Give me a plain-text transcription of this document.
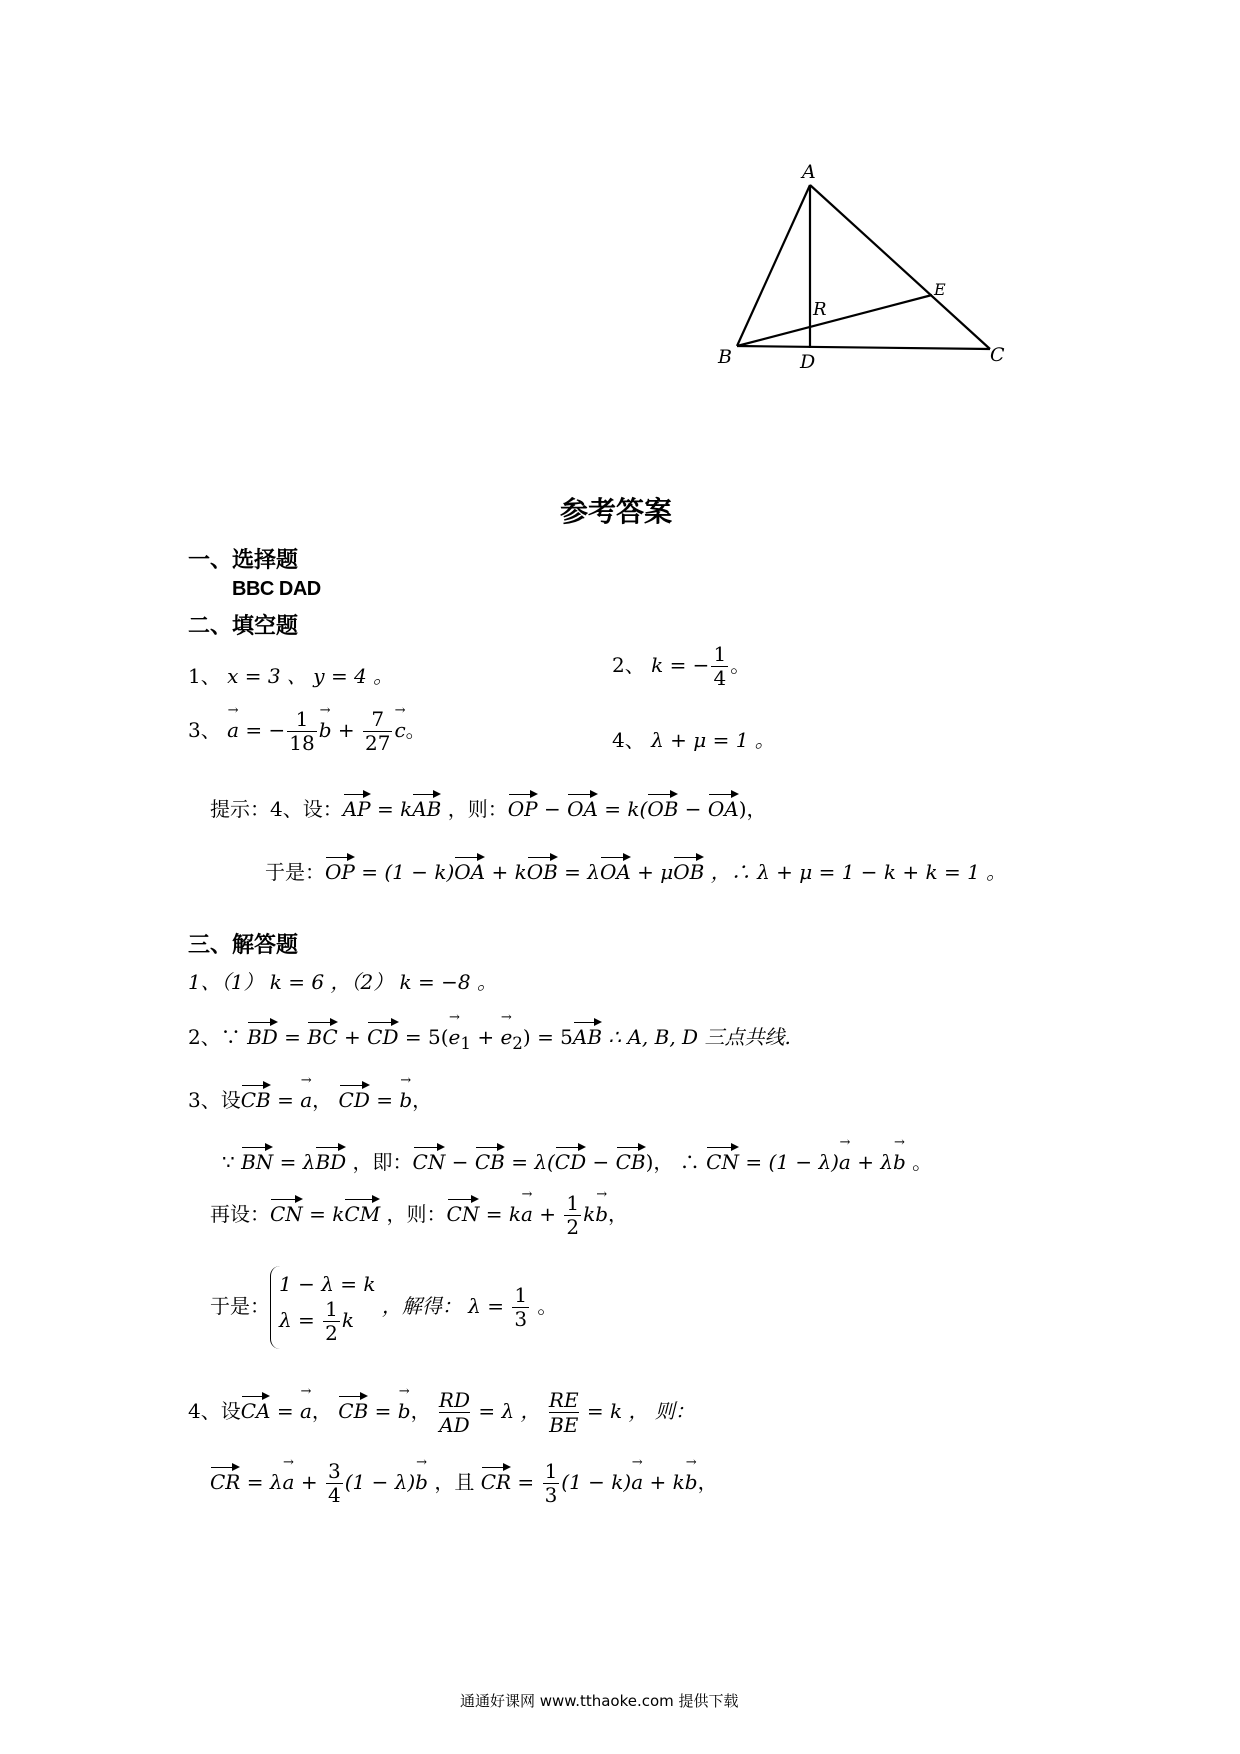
A
B	C
D
E
R
参考答案
一、选择题
BBC DAD
二、填空题
1、 x = 3 、 y = 4 。	2、 k = − $\frac{1}{4}$ 。
3、 a → = − $\frac{1}{18}$ b → + $\frac{7}{27}$ c →。	4、 λ + μ = 1 。
提示：4、设：AP = kAB ，则：OP − OA = k(OB − OA)，
于是：OP = (1 − k)OA + kOB = λOA + μOB ，∴ λ + μ = 1 − k + k = 1 。
三、解答题
1、（1） k = 6 ，（2） k = −8 。
2、∵ BD = BC + CD = $5(e \to_1 + e \to_2) = 5AB$ ∴ A, B, D 三点共线.
3、设CB = a →， CD = b →，
∵ BN = λBD ，即：CN − CB = λ(CD − CB)， ∴ CN = (1 − λ)a → + λb → 。
再设：CN = kCM ，则：CN = ka → + $\frac{1}{2}$ kb →，
于是：
1 − λ = k
$\lambda = \frac{1}{2}$ k
，解得： $\lambda = \frac{1}{3}$ 。
4、设CA = a →， CB = b →， $\frac{RD}{AD} = \lambda$ ， $\frac{RE}{BE} = k$ ， 则：
CR = λa → + $\frac{3}{4} (1 - \lambda)b$ → ，且 CR = $\frac{1}{3} (1 - k)a$ → + kb →，
通通好课网 www.tthaoke.com 提供下载
